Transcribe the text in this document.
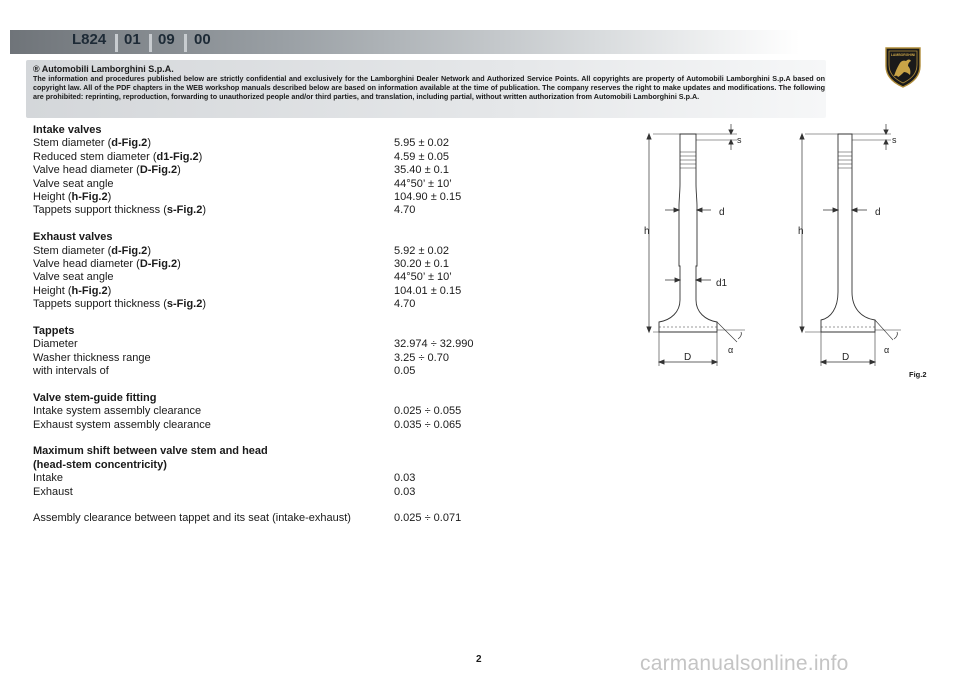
L824 01 09 00
LAMBORGHINI
® Automobili Lamborghini S.p.A.
The information and procedures published below are strictly confidential and exclusively for the Lamborghini Dealer Network and Authorized Service Points. All copyrights are property of Automobili Lamborghini S.p.A based on copyright law. All of the PDF chapters in the WEB workshop manuals described below are based on information available at the time of publication. The company reserves the right to make updates and modifications. The following are prohibited: reprinting, reproduction, forwarding to unauthorized people and/or third parties, and translation, including partial, without written authorization from Automobili Lamborghini S.p.A.
Intake valves
Stem diameter (d-Fig.2)	5.95 ± 0.02
Reduced stem diameter (d1-Fig.2)	4.59 ± 0.05
Valve head diameter (D-Fig.2)	35.40 ± 0.1
Valve seat angle	44°50’ ± 10’
Height (h-Fig.2)	104.90 ± 0.15
Tappets support thickness (s-Fig.2)	4.70
Exhaust valves
Stem diameter (d-Fig.2)	5.92 ± 0.02
Valve head diameter (D-Fig.2)	30.20 ± 0.1
Valve seat angle	44°50’ ± 10’
Height (h-Fig.2)	104.01 ± 0.15
Tappets support thickness (s-Fig.2)	4.70
Tappets
Diameter	32.974 ÷ 32.990
Washer thickness range	3.25 ÷ 0.70
with intervals of	0.05
Valve stem-guide fitting
Intake system assembly clearance	0.025 ÷ 0.055
Exhaust system assembly clearance	0.035 ÷ 0.065
Maximum shift between valve stem and head
(head-stem concentricity)
Intake	0.03
Exhaust	0.03
Assembly clearance between tappet and its seat (intake-exhaust)	0.025 ÷ 0.071
s
d
d1
h
D
α
s
d
h
D
α
Fig.2
2	carmanualsonline.info
